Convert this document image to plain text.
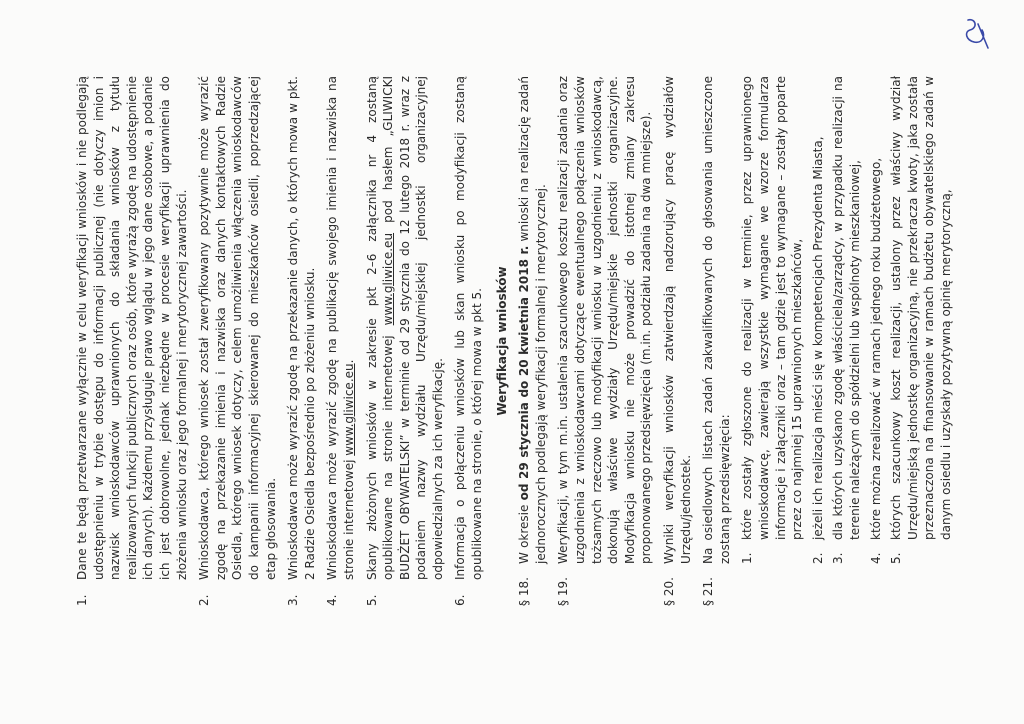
1.
Dane te będą przetwarzane wyłącznie w celu weryfikacji wniosków i nie podlegają udostępnieniu w trybie dostępu do informacji publicznej (nie dotyczy imion i nazwisk wnioskodawców uprawnionych do składania wniosków z tytułu realizowanych funkcji publicznych oraz osób, które wyrażą zgodę na udostępnienie ich danych). Każdemu przysługuje prawo wglądu w jego dane osobowe, a podanie ich jest dobrowolne, jednak niezbędne w procesie weryfikacji uprawnienia do złożenia wniosku oraz jego formalnej i merytorycznej zawartości.
2.
Wnioskodawca, którego wniosek został zweryfikowany pozytywnie może wyrazić zgodę na przekazanie imienia i nazwiska oraz danych kontaktowych Radzie Osiedla, którego wniosek dotyczy, celem umożliwienia włączenia wnioskodawców do kampanii informacyjnej skierowanej do mieszkańców osiedli, poprzedzającej etap głosowania.
3.
Wnioskodawca może wyrazić zgodę na przekazanie danych, o których mowa w pkt. 2 Radzie Osiedla bezpośrednio po złożeniu wniosku.
4.
Wnioskodawca może wyrazić zgodę na publikację swojego imienia i nazwiska na stronie internetowej www.gliwice.eu.
5.
Skany złożonych wniosków w zakresie pkt 2–6 załącznika nr 4 zostaną opublikowane na stronie internetowej www.gliwice.eu pod hasłem „GLIWICKI BUDŻET OBYWATELSKI” w terminie od 29 stycznia do 12 lutego 2018 r. wraz z podaniem nazwy wydziału Urzędu/miejskiej jednostki organizacyjnej odpowiedzialnych za ich weryfikację.
6.
Informacja o połączeniu wniosków lub skan wniosku po modyfikacji zostaną opublikowane na stronie, o której mowa w pkt 5. Weryfikacja wniosków
§ 18.
W okresie od 29 stycznia do 20 kwietnia 2018 r. wnioski na realizację zadań jednorocznych podlegają weryfikacji formalnej i merytorycznej.
§ 19.
Weryfikacji, w tym m.in. ustalenia szacunkowego kosztu realizacji zadania oraz uzgodnienia z wnioskodawcami dotyczące ewentualnego połączenia wniosków tożsamych rzeczowo lub modyfikacji wniosku w uzgodnieniu z wnioskodawcą, dokonują właściwe wydziały Urzędu/miejskie jednostki organizacyjne. Modyfikacja wniosku nie może prowadzić do istotnej zmiany zakresu proponowanego przedsięwzięcia (m.in. podziału zadania na dwa mniejsze).
§ 20.
Wyniki weryfikacji wniosków zatwierdzają nadzorujący pracę wydziałów Urzędu/jednostek.
§ 21.
Na osiedlowych listach zadań zakwalifikowanych do głosowania umieszczone zostaną przedsięwzięcia: 1.
które zostały zgłoszone do realizacji w terminie, przez uprawnionego wnioskodawcę, zawierają wszystkie wymagane we wzorze formularza informacje i załączniki oraz – tam gdzie jest to wymagane – zostały poparte przez co najmniej 15 uprawnionych mieszkańców,
2.
jeżeli ich realizacja mieści się w kompetencjach Prezydenta Miasta,
3.
dla których uzyskano zgodę właściciela/zarządcy, w przypadku realizacji na terenie należącym do spółdzielni lub wspólnoty mieszkaniowej,
4.
które można zrealizować w ramach jednego roku budżetowego,
5.
których szacunkowy koszt realizacji, ustalony przez właściwy wydział Urzędu/miejską jednostkę organizacyjną, nie przekracza kwoty, jaka została przeznaczona na finansowanie w ramach budżetu obywatelskiego zadań w danym osiedlu i uzyskały pozytywną opinię merytoryczną,
